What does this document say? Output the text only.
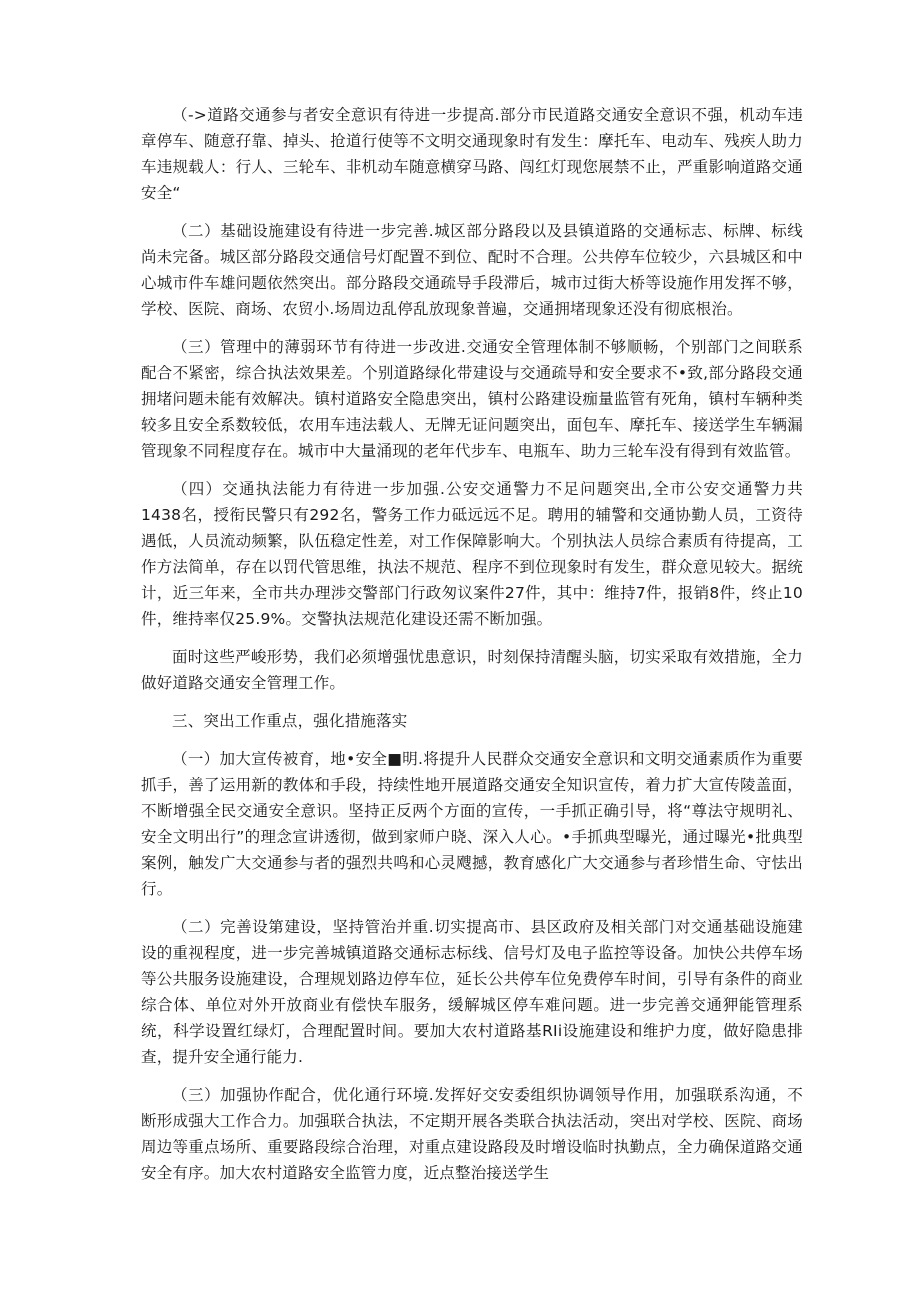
（->道路交通参与者安全意识有待进一步提高.部分市民道路交通安全意识不强，机动车违章停车、随意孖靠、掉头、抢道行使等不文明交通现象时有发生：摩托车、电动车、残疾人助力车违规载人：行人、三轮车、非机动车随意横穿马路、闯红灯现您展禁不止，严重影响道路交通安全“

（二）基础设施建设有待进一步完善.城区部分路段以及县镇道路的交通标志、标牌、标线尚未完备。城区部分路段交通信号灯配置不到位、配时不合理。公共停车位较少，六县城区和中心城市件车雄问题依然突出。部分路段交通疏导手段滞后，城市过街大桥等设施作用发挥不够，学校、医院、商场、农贸小.场周边乱停乱放现象普遍，交通拥堵现象还没有彻底根治。

（三）管理中的薄弱环节有待进一步改进.交通安全管理体制不够顺畅，个别部门之间联系配合不紧密，综合执法效果差。个别道路绿化带建设与交通疏导和安全要求不•致,部分路段交通拥堵问题未能有效解决。镇村道路安全隐患突出，镇村公路建设痂量监管有死角，镇村车辆种类较多且安全系数较低，农用车违法载人、无牌无证问题突出，面包车、摩托车、接送学生车辆漏管现象不同程度存在。城市中大量涌现的老年代步车、电瓶车、助力三轮车没有得到有效监管。

（四）交通执法能力有待进一步加强.公安交通警力不足问题突出,全市公安交通警力共1438名，授衔民警只有292名，警务工作力砥远远不足。聘用的辅警和交通协勤人员，工资待遇低，人员流动频繁，队伍稳定性差，对工作保障影响大。个别执法人员综合素质有待提高，工作方法简单，存在以罚代管思维，执法不规范、程序不到位现象时有发生，群众意见较大。据统计，近三年来，全市共办理涉交警部门行政匆议案件27件，其中：维持7件，报销8件，终止10件，维持率仅25.9%。交警执法规范化建设还需不断加强。

面时这些严峻形势，我们必须增强忧患意识，时刻保持清醒头脑，切实采取有效措施，全力做好道路交通安全管理工作。

三、突出工作重点，强化措施落实

（一）加大宣传被育，地•安全■明.将提升人民群众交通安全意识和文明交通素质作为重要抓手，善了运用新的教体和手段，持续性地开展道路交通安全知识宣传，着力扩大宣传陵盖面，不断增强全民交通安全意识。坚持正反两个方面的宣传，一手抓正确引导，将“尊法守规明礼、安全文明出行”的理念宣讲透彻，做到家师户晓、深入人心。•手抓典型曝光，通过曝光•批典型案例，触发广大交通参与者的强烈共鸣和心灵飕撼，教育感化广大交通参与者珍惜生命、守怯出行。

（二）完善设第建设，坚持管治并重.切实提高市、县区政府及相关部门对交通基础设施建设的重视程度，进一步完善城镇道路交通标志标线、信号灯及电子监控等设备。加快公共停车场等公共服务设施建设，合理规划路边停车位，延长公共停车位免费停车时间，引导有条件的商业综合体、单位对外开放商业有偿快车服务，缓解城区停车难问题。进一步完善交通狎能管理系统，科学设置红绿灯，合理配置时间。要加大农村道路基RIi设施建设和维护力度，做好隐患排查，提升安全通行能力.

（三）加强协作配合，优化通行环境.发挥好交安委组织协调领导作用，加强联系沟通，不断形成强大工作合力。加强联合执法，不定期开展各类联合执法活动，突出对学校、医院、商场周边等重点场所、重要路段综合治理，对重点建设路段及时增设临时执勤点，全力确保道路交通安全有序。加大农村道路安全监管力度，近点整治接送学生
